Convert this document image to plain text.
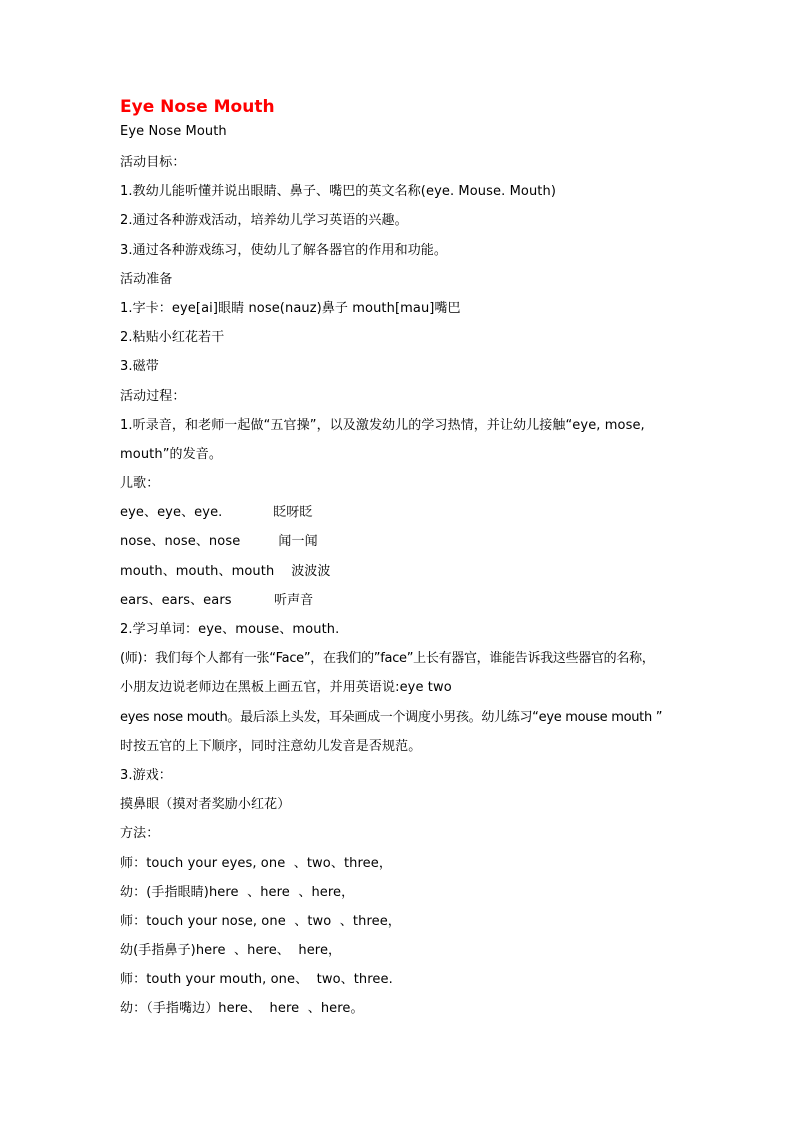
Eye Nose Mouth
Eye Nose Mouth
活动目标：
1.教幼儿能听懂并说出眼睛、鼻子、嘴巴的英文名称(eye. Mouse. Mouth)
2.通过各种游戏活动，培养幼儿学习英语的兴趣。
3.通过各种游戏练习，使幼儿了解各器官的作用和功能。
活动准备
1.字卡：eye[ai]眼睛 nose(nauz)鼻子 mouth[mau]嘴巴
2.粘贴小红花若干
3.磁带
活动过程：
1.听录音，和老师一起做“五官操”，以及激发幼儿的学习热情，并让幼儿接触“eye, mose,
mouth”的发音。
儿歌：
eye、eye、eye.            眨呀眨
nose、nose、nose         闻一闻
mouth、mouth、mouth    波波波
ears、ears、ears          听声音
2.学习单词：eye、mouse、mouth.
(师)：我们每个人都有一张“Face”，在我们的”face”上长有器官，谁能告诉我这些器官的名称，
小朋友边说老师边在黑板上画五官，并用英语说:eye two
eyes nose mouth。最后添上头发，耳朵画成一个调度小男孩。幼儿练习“eye mouse mouth ”
时按五官的上下顺序，同时注意幼儿发音是否规范。
3.游戏：
摸鼻眼（摸对者奖励小红花）
方法：
师：touch your eyes, one  、two、three，
幼：(手指眼睛)here  、here  、here，
师：touch your nose, one  、two  、three，
幼(手指鼻子)here  、here、  here，
师：touth your mouth, one、  two、three.
幼：（手指嘴边）here、  here  、here。
